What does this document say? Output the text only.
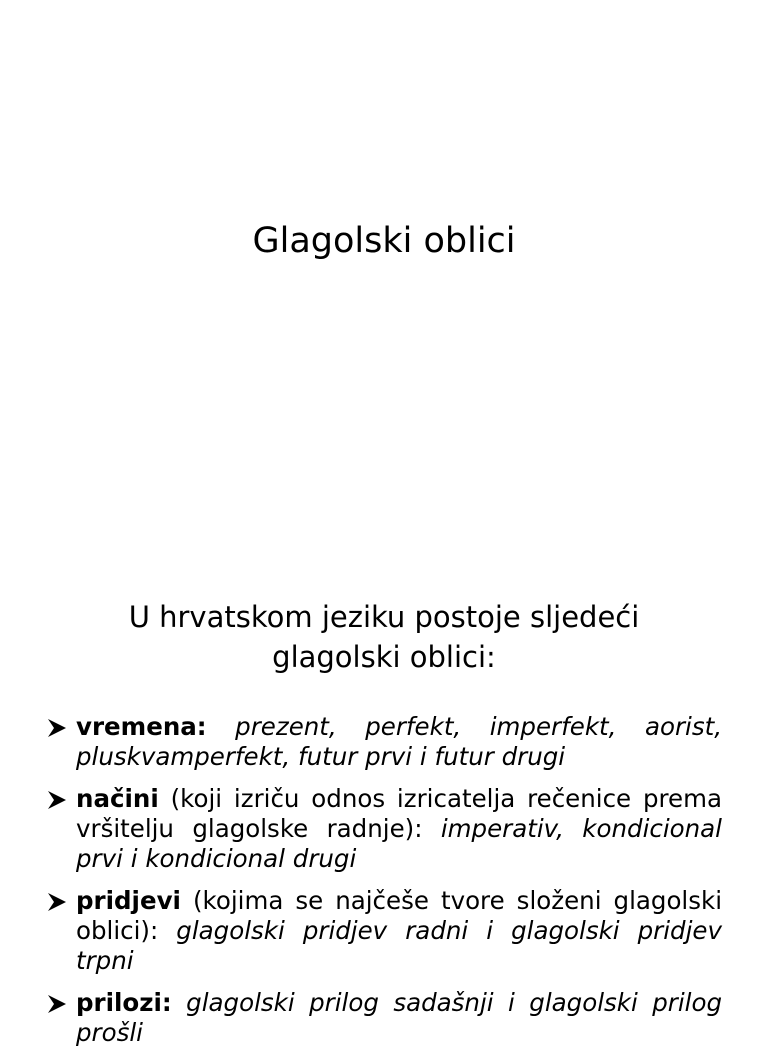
Glagolski oblici

U hrvatskom jeziku postoje sljedeći
glagolski oblici:

vremena: prezent, perfekt, imperfekt, aorist, pluskvamperfekt, futur prvi i futur drugi
načini (koji izriču odnos izricatelja rečenice prema vršitelju glagolske radnje): imperativ, kondicional prvi i kondicional drugi
pridjevi (kojima se najčeše tvore složeni glagolski oblici): glagolski pridjev radni i glagolski pridjev trpni
prilozi: glagolski prilog sadašnji i glagolski prilog prošli
